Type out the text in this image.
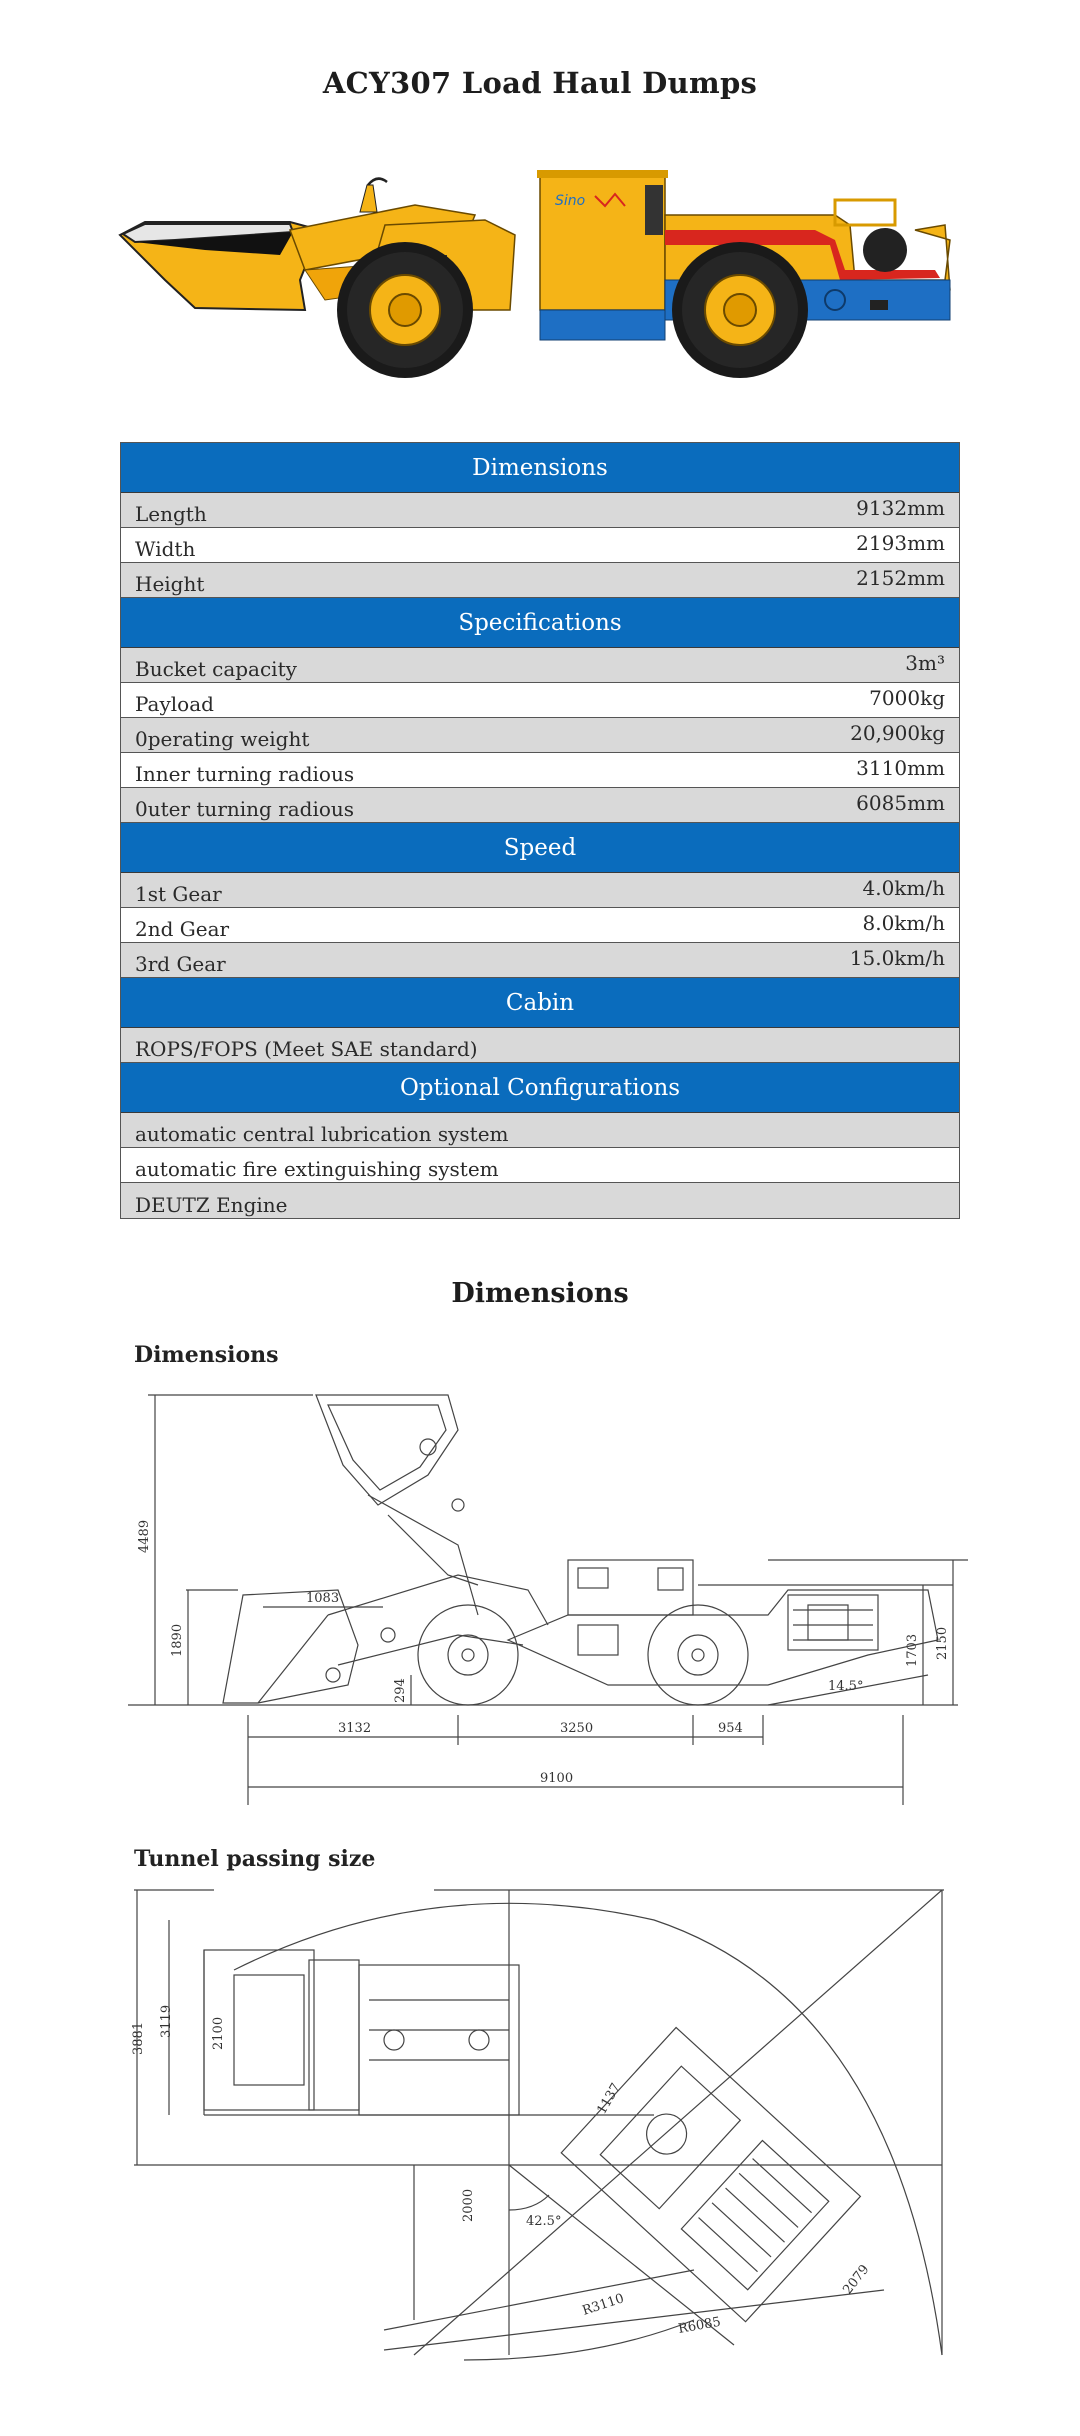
ACY307 Load Haul Dumps
Sino
Dimensions
Length	9132mm
Width	2193mm
Height	2152mm
Specifications
Bucket capacity	3m³
Payload	7000kg
0perating weight	20,900kg
Inner turning radious	3110mm
0uter turning radious	6085mm
Speed
1st Gear	4.0km/h
2nd Gear	8.0km/h
3rd Gear	15.0km/h
Cabin
ROPS/FOPS (Meet SAE standard)
Optional Configurations
automatic central lubrication system
automatic fire extinguishing system
DEUTZ Engine
Dimensions
Dimensions
4489
1890
1083
294
3132	3250	954
9100
1703 2150
14.5°
Tunnel passing size
3881
3119	2100
1137
2000	42.5°
R3110
R6085
2079
